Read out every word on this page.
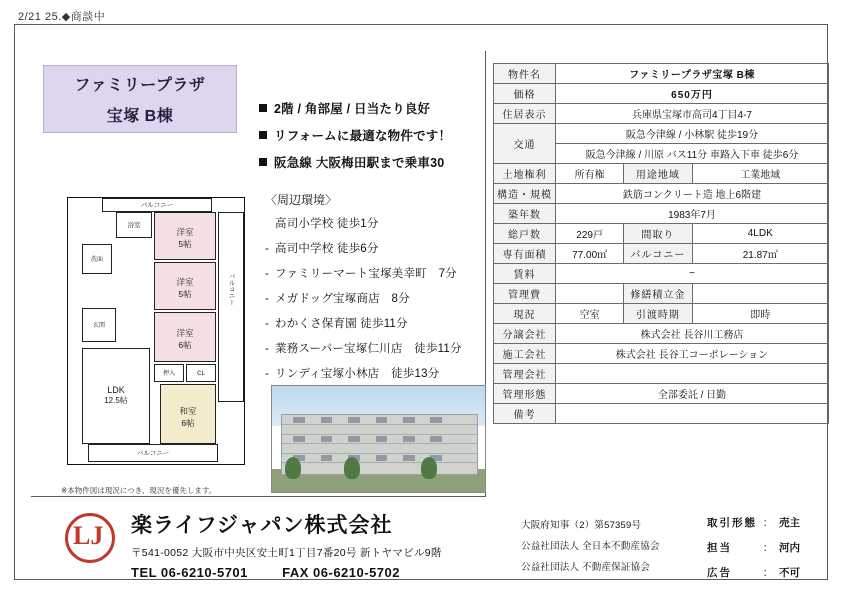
2/21 25.◆商談中
ファミリープラザ
宝塚 B棟	2階 / 角部屋 / 日当たり良好
リフォームに最適な物件です！
阪急線 大阪梅田駅まで乗車30
〈周辺環境〉
高司小学校 徒歩1分
- 高司中学校 徒歩6分
- ファミリーマート宝塚美幸町　7分
- メガドッグ宝塚商店　8分
- わかくさ保育園 徒歩11分
- 業務スーパー宝塚仁川店　徒歩11分
- リンディ宝塚小林店　徒歩13分
バルコニー
バルコニー
バルコニー
浴室
洗面
洋室
5帖
洋室
5帖
洋室
6帖
LDK
12.5帖
和室
6帖
押入	CL
玄関
※本物件図は現況につき、現況を優先します。
物件名	ファミリープラザ宝塚 B棟		
価格	650万円		
住居表示	兵庫県宝塚市高司4丁目4-7		
交通	阪急今津線 / 小林駅 徒歩19分		
	阪急今津線 / 川原 バス11分 車路入下車 徒歩6分		
土地権利	所有権	用途地域	工業地域
構造・規模	鉄筋コンクリート造 地上6階建		
築年数	1983年7月		
総戸数	229戸	間取り	4LDK
専有面積	77.00㎡	バルコニー	21.87㎡
賃料	−		
管理費		修繕積立金	
現況	空室	引渡時期	即時
分譲会社	株式会社 長谷川工務店		
施工会社	株式会社 長谷工コーポレーション		
管理会社			
管理形態	全部委託 / 日勤		
備考			
LJ 楽ライフジャパン株式会社
〒541-0052 大阪市中央区安土町1丁目7番20号 新トヤマビル9階
TEL 06-6210-5701	FAX 06-6210-5702
大阪府知事（2）第57359号
公益社団法人 全日本不動産協会
公益社団法人 不動産保証協会
取引形態 ： 売主
担当	： 河内
広告	： 不可
